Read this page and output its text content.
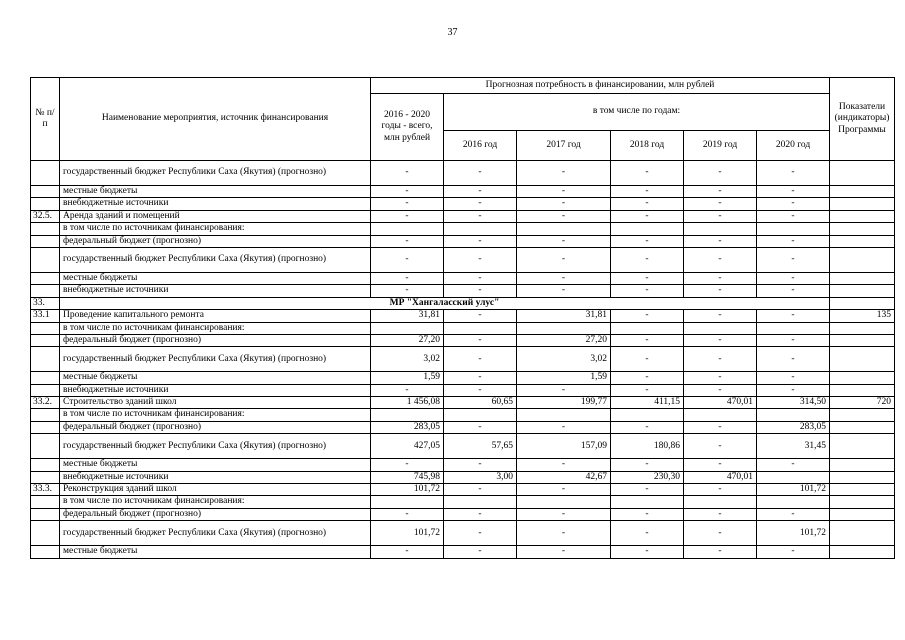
37
№ п/п	Наименование мероприятия, источник финансирования	Прогнозная потребность в финансировании, млн рублей						Показатели (индикаторы) Программы
		2016 - 2020 годы - всего, млн рублей	в том числе по годам:					
			2016 год	2017 год	2018 год	2019 год	2020 год	
	государственный бюджет Республики Саха (Якутия) (прогнозно)	-	-	-	-	-	-	
	местные бюджеты	-	-	-	-	-	-	
	внебюджетные источники	-	-	-	-	-	-	
32.5.	Аренда зданий и помещений	-	-	-	-	-	-	
	в том числе по источникам финансирования:							
	федеральный бюджет (прогнозно)	-	-	-	-	-	-	
	государственный бюджет Республики Саха (Якутия) (прогнозно)	-	-	-	-	-	-	
	местные бюджеты	-	-	-	-	-	-	
	внебюджетные источники	-	-	-	-	-	-	
33.	МР "Хангаласский улус"							
33.1	Проведение капитального ремонта	31,81	-	31,81	-	-	-	135
	в том числе по источникам финансирования:							
	федеральный бюджет (прогнозно)	27,20	-	27,20	-	-	-	
	государственный бюджет Республики Саха (Якутия) (прогнозно)	3,02	-	3,02	-	-	-	
	местные бюджеты	1,59	-	1,59	-	-	-	
	внебюджетные источники	-	-	-	-	-	-	
33.2.	Строительство зданий школ	1 456,08	60,65	199,77	411,15	470,01	314,50	720
	в том числе по источникам финансирования:							
	федеральный бюджет (прогнозно)	283,05	-	-	-	-	283,05	
	государственный бюджет Республики Саха (Якутия) (прогнозно)	427,05	57,65	157,09	180,86	-	31,45	
	местные бюджеты	-	-	-	-	-	-	
	внебюджетные источники	745,98	3,00	42,67	230,30	470,01		
33.3.	Реконструкция зданий школ	101,72	-	-	-	-	101,72	
	в том числе по источникам финансирования:							
	федеральный бюджет (прогнозно)	-	-	-	-	-	-	
	государственный бюджет Республики Саха (Якутия) (прогнозно)	101,72	-	-	-	-	101,72	
	местные бюджеты	-	-	-	-	-	-	
